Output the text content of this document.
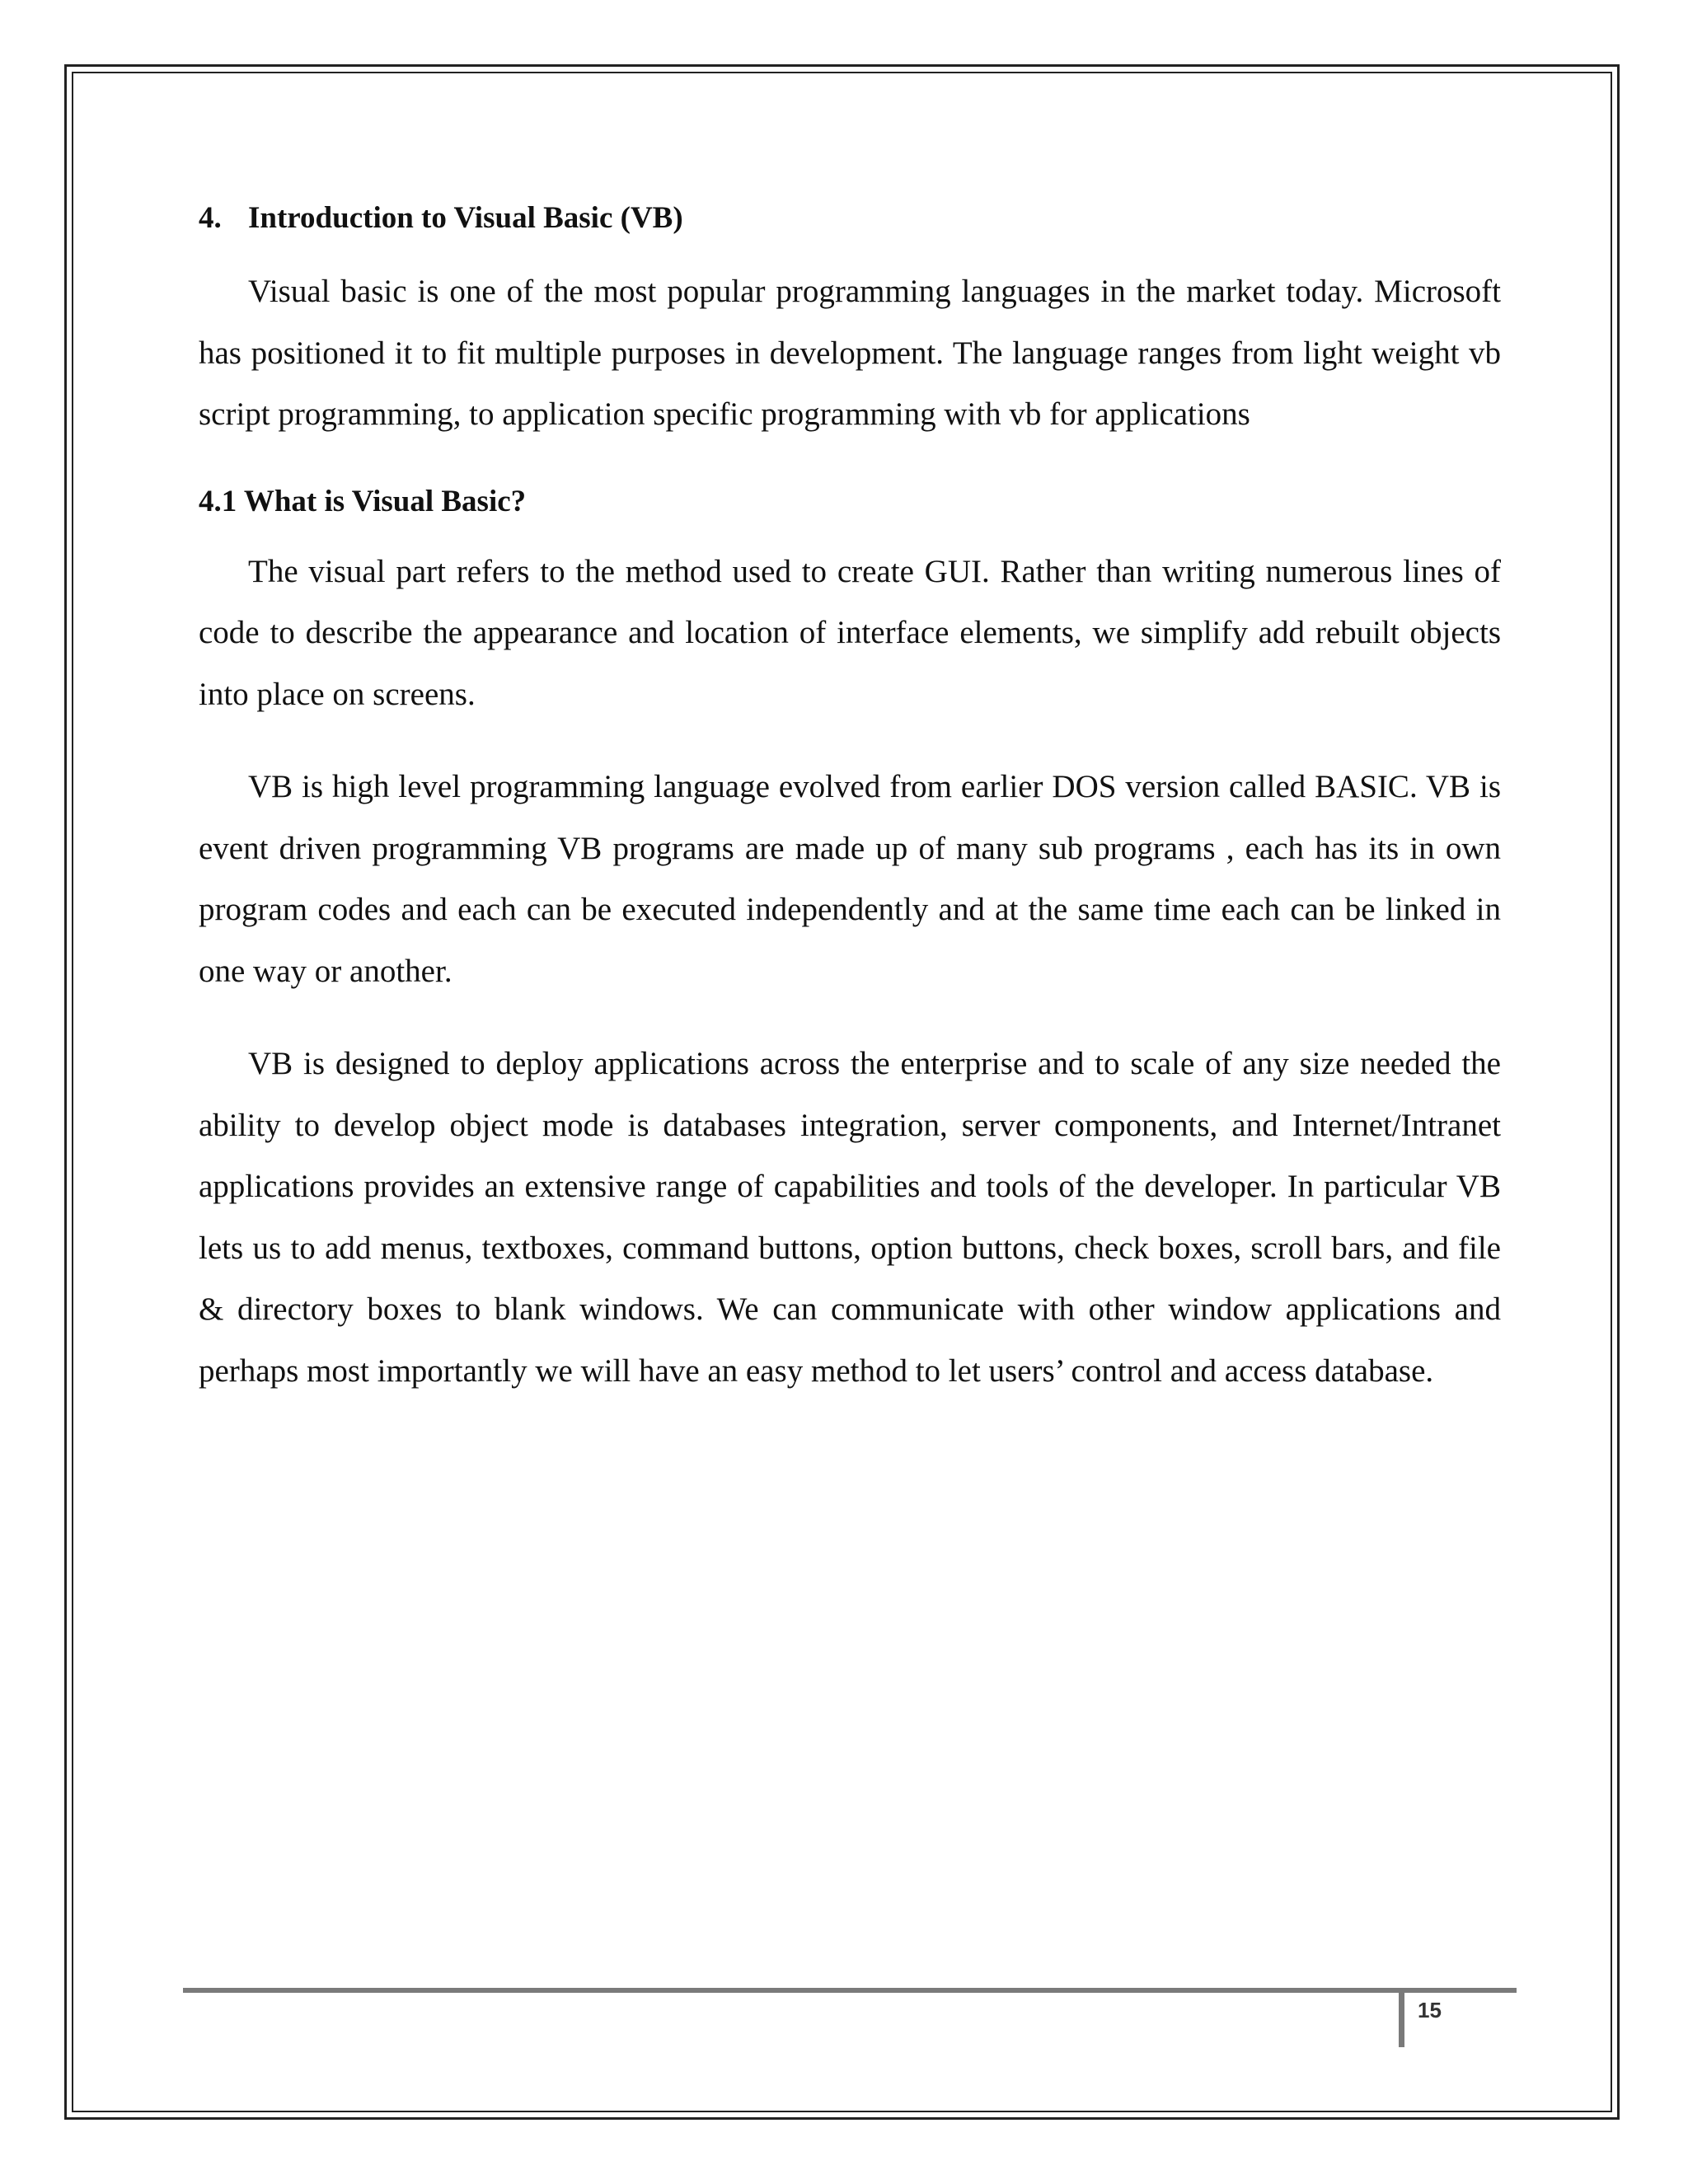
4. Introduction to Visual Basic (VB)

Visual basic is one of the most popular programming languages in the market today. Microsoft has positioned it to fit multiple purposes in development. The language ranges from light weight vb script programming, to application specific programming with vb for applications

4.1 What is Visual Basic?

The visual part refers to the method used to create GUI. Rather than writing numerous lines of code to describe the appearance and location of interface elements, we simplify add rebuilt objects into place on screens.

VB is high level programming language evolved from earlier DOS version called BASIC. VB is event driven programming VB programs are made up of many sub programs , each has its in own program codes and each can be executed independently and at the same time each can be linked in one way or another.

VB is designed to deploy applications across the enterprise and to scale of any size needed the ability to develop object mode is databases integration, server components, and Internet/Intranet applications provides an extensive range of capabilities and tools of the developer. In particular VB lets us to add menus, textboxes, command buttons, option buttons, check boxes, scroll bars, and file & directory boxes to blank windows. We can communicate with other window applications and perhaps most importantly we will have an easy method to let users’ control and access database.

15
